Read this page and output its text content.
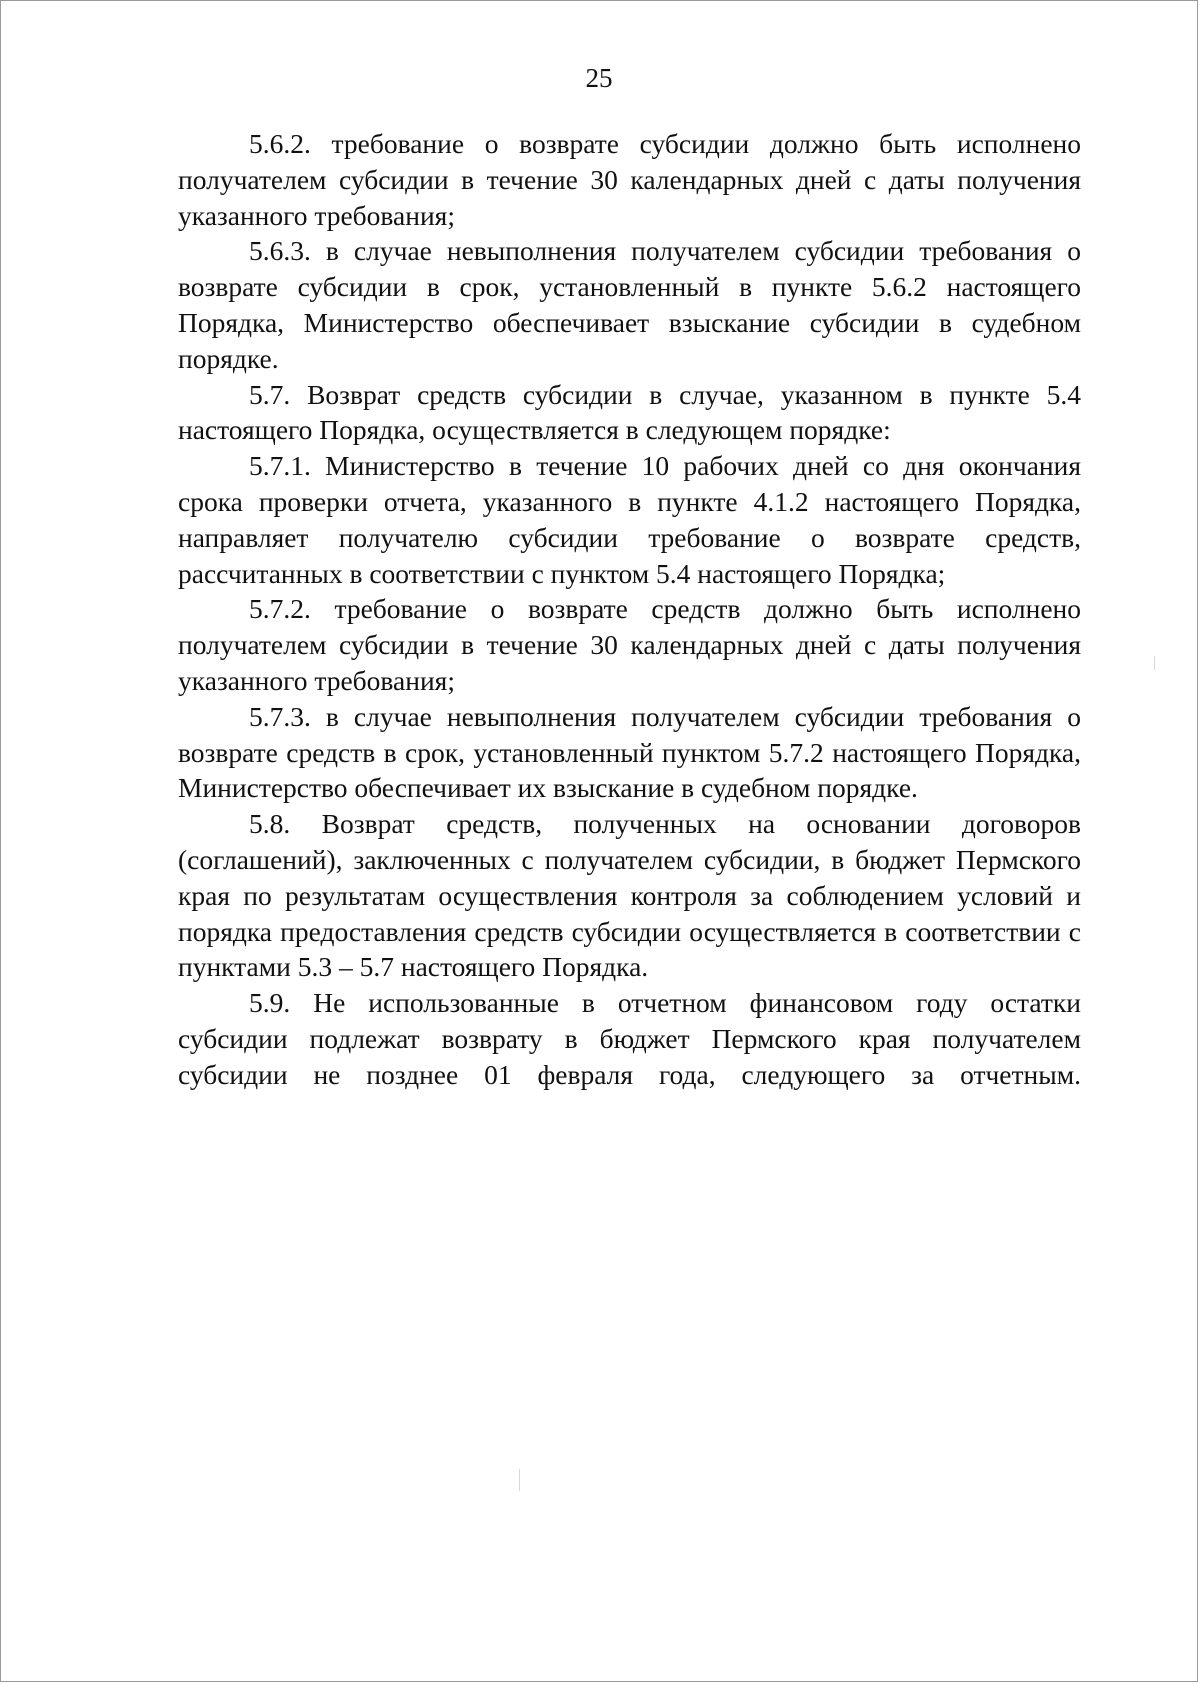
25

5.6.2. требование о возврате субсидии должно быть исполнено получателем субсидии в течение 30 календарных дней с даты получения указанного требования;

5.6.3. в случае невыполнения получателем субсидии требования о возврате субсидии в срок, установленный в пункте 5.6.2 настоящего Порядка, Министерство обеспечивает взыскание субсидии в судебном порядке.

5.7. Возврат средств субсидии в случае, указанном в пункте 5.4 настоящего Порядка, осуществляется в следующем порядке:

5.7.1. Министерство в течение 10 рабочих дней со дня окончания срока проверки отчета, указанного в пункте 4.1.2 настоящего Порядка, направляет получателю субсидии требование о возврате средств, рассчитанных в соответствии с пунктом 5.4 настоящего Порядка;

5.7.2. требование о возврате средств должно быть исполнено получателем субсидии в течение 30 календарных дней с даты получения указанного требования;

5.7.3. в случае невыполнения получателем субсидии требования о возврате средств в срок, установленный пунктом 5.7.2 настоящего Порядка, Министерство обеспечивает их взыскание в судебном порядке.

5.8. Возврат средств, полученных на основании договоров (соглашений), заключенных с получателем субсидии, в бюджет Пермского края по результатам осуществления контроля за соблюдением условий и порядка предоставления средств субсидии осуществляется в соответствии с пунктами 5.3 – 5.7 настоящего Порядка.

5.9. Не использованные в отчетном финансовом году остатки субсидии подлежат возврату в бюджет Пермского края получателем субсидии не позднее 01 февраля года, следующего за отчетным.
